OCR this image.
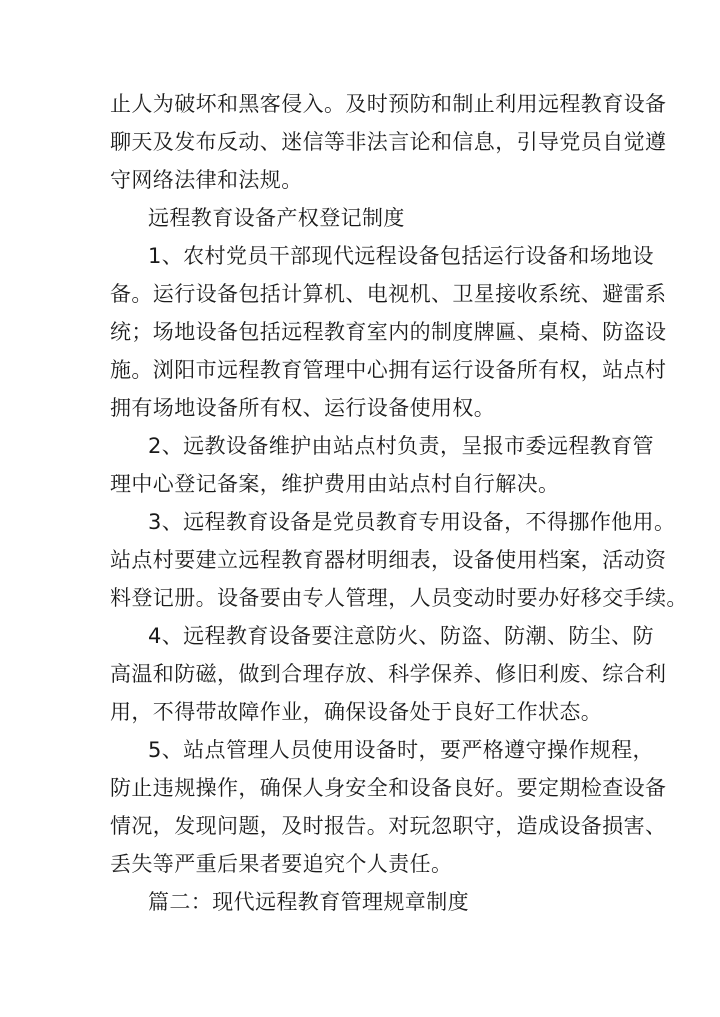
止人为破坏和黑客侵入。及时预防和制止利用远程教育设备
聊天及发布反动、迷信等非法言论和信息，引导党员自觉遵
守网络法律和法规。
远程教育设备产权登记制度
1、农村党员干部现代远程设备包括运行设备和场地设
备。运行设备包括计算机、电视机、卫星接收系统、避雷系
统；场地设备包括远程教育室内的制度牌匾、桌椅、防盗设
施。浏阳市远程教育管理中心拥有运行设备所有权，站点村
拥有场地设备所有权、运行设备使用权。
2、远教设备维护由站点村负责，呈报市委远程教育管
理中心登记备案，维护费用由站点村自行解决。
3、远程教育设备是党员教育专用设备，不得挪作他用。
站点村要建立远程教育器材明细表，设备使用档案，活动资
料登记册。设备要由专人管理，人员变动时要办好移交手续。
4、远程教育设备要注意防火、防盗、防潮、防尘、防
高温和防磁，做到合理存放、科学保养、修旧利废、综合利
用，不得带故障作业，确保设备处于良好工作状态。
5、站点管理人员使用设备时，要严格遵守操作规程，
防止违规操作，确保人身安全和设备良好。要定期检查设备
情况，发现问题，及时报告。对玩忽职守，造成设备损害、
丢失等严重后果者要追究个人责任。
篇二：现代远程教育管理规章制度
